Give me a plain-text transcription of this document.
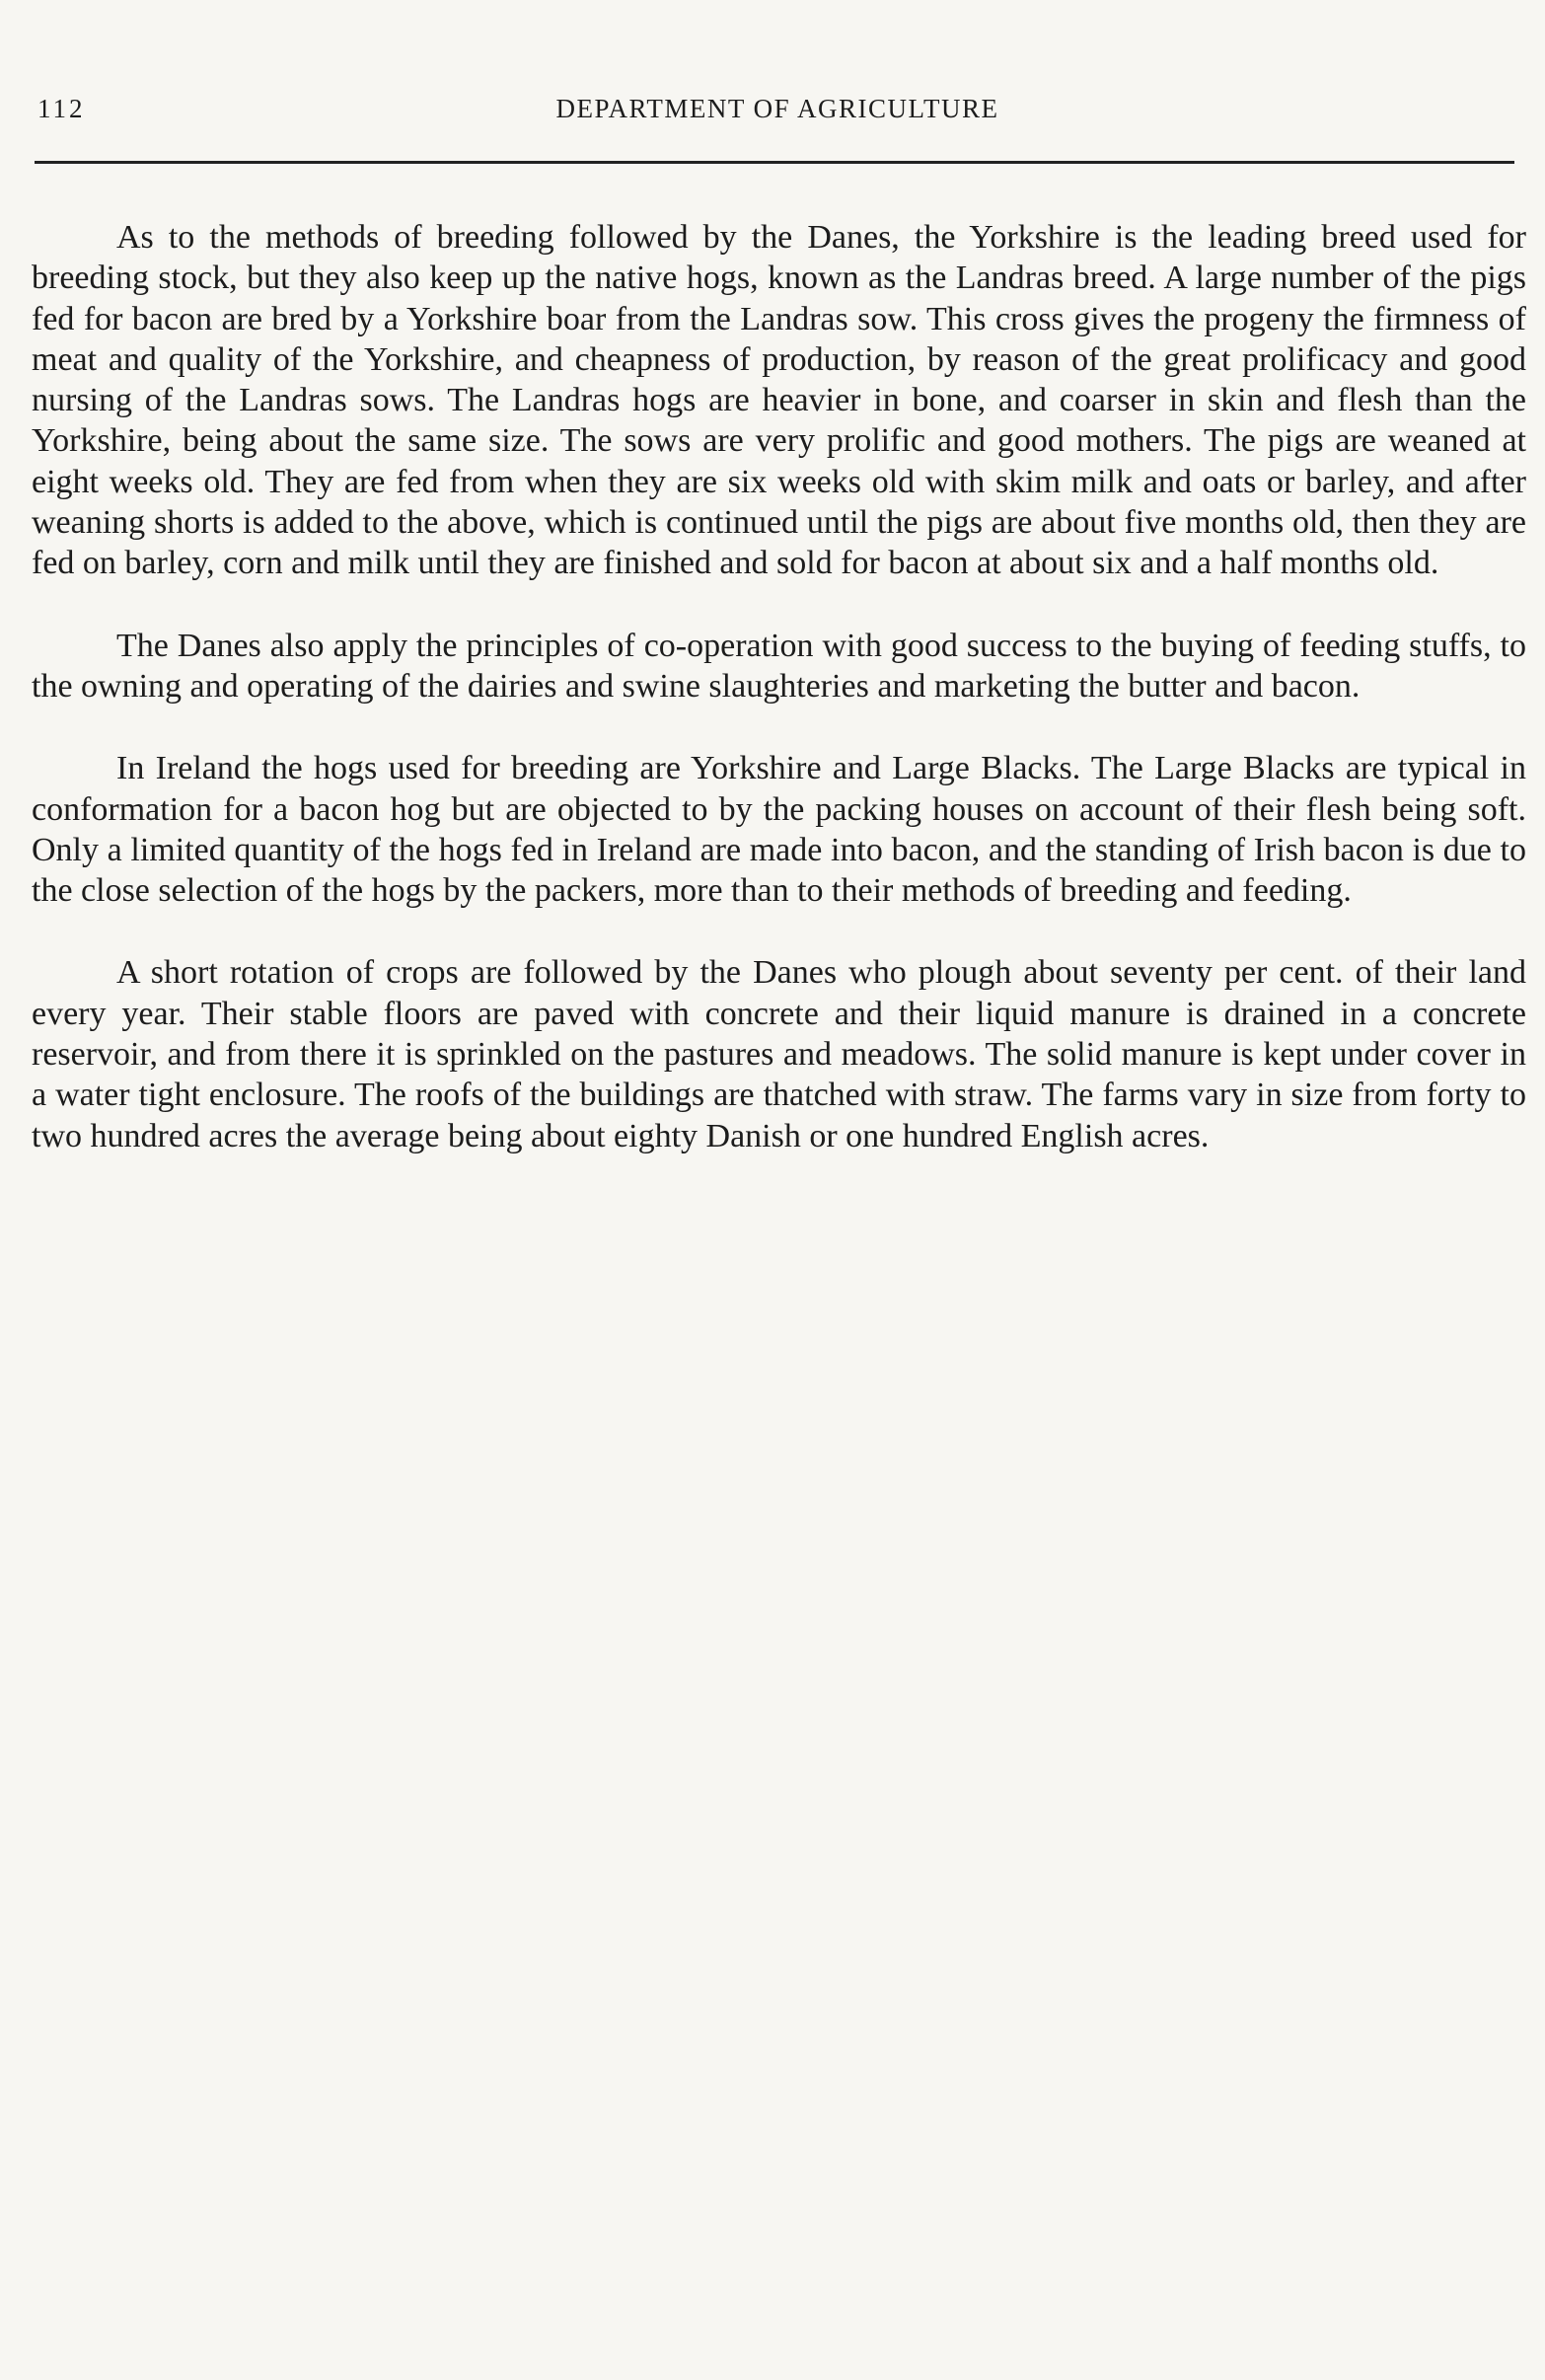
112	DEPARTMENT OF AGRICULTURE

As to the methods of breeding followed by the Danes, the Yorkshire is the leading breed used for breeding stock, but they also keep up the native hogs, known as the Landras breed. A large number of the pigs fed for bacon are bred by a Yorkshire boar from the Landras sow. This cross gives the progeny the firmness of meat and quality of the Yorkshire, and cheapness of production, by reason of the great prolificacy and good nursing of the Landras sows. The Landras hogs are heavier in bone, and coarser in skin and flesh than the Yorkshire, being about the same size. The sows are very prolific and good mothers. The pigs are weaned at eight weeks old. They are fed from when they are six weeks old with skim milk and oats or barley, and after weaning shorts is added to the above, which is continued until the pigs are about five months old, then they are fed on barley, corn and milk until they are finished and sold for bacon at about six and a half months old.

The Danes also apply the principles of co-operation with good success to the buying of feeding stuffs, to the owning and operating of the dairies and swine slaughteries and marketing the butter and bacon.

In Ireland the hogs used for breeding are Yorkshire and Large Blacks. The Large Blacks are typical in conformation for a bacon hog but are objected to by the packing houses on account of their flesh being soft. Only a limited quantity of the hogs fed in Ireland are made into bacon, and the standing of Irish bacon is due to the close selection of the hogs by the packers, more than to their methods of breeding and feeding.

A short rotation of crops are followed by the Danes who plough about seventy per cent. of their land every year. Their stable floors are paved with concrete and their liquid manure is drained in a concrete reservoir, and from there it is sprinkled on the pastures and meadows. The solid manure is kept under cover in a water tight enclosure. The roofs of the buildings are thatched with straw. The farms vary in size from forty to two hundred acres the average being about eighty Danish or one hundred English acres.
